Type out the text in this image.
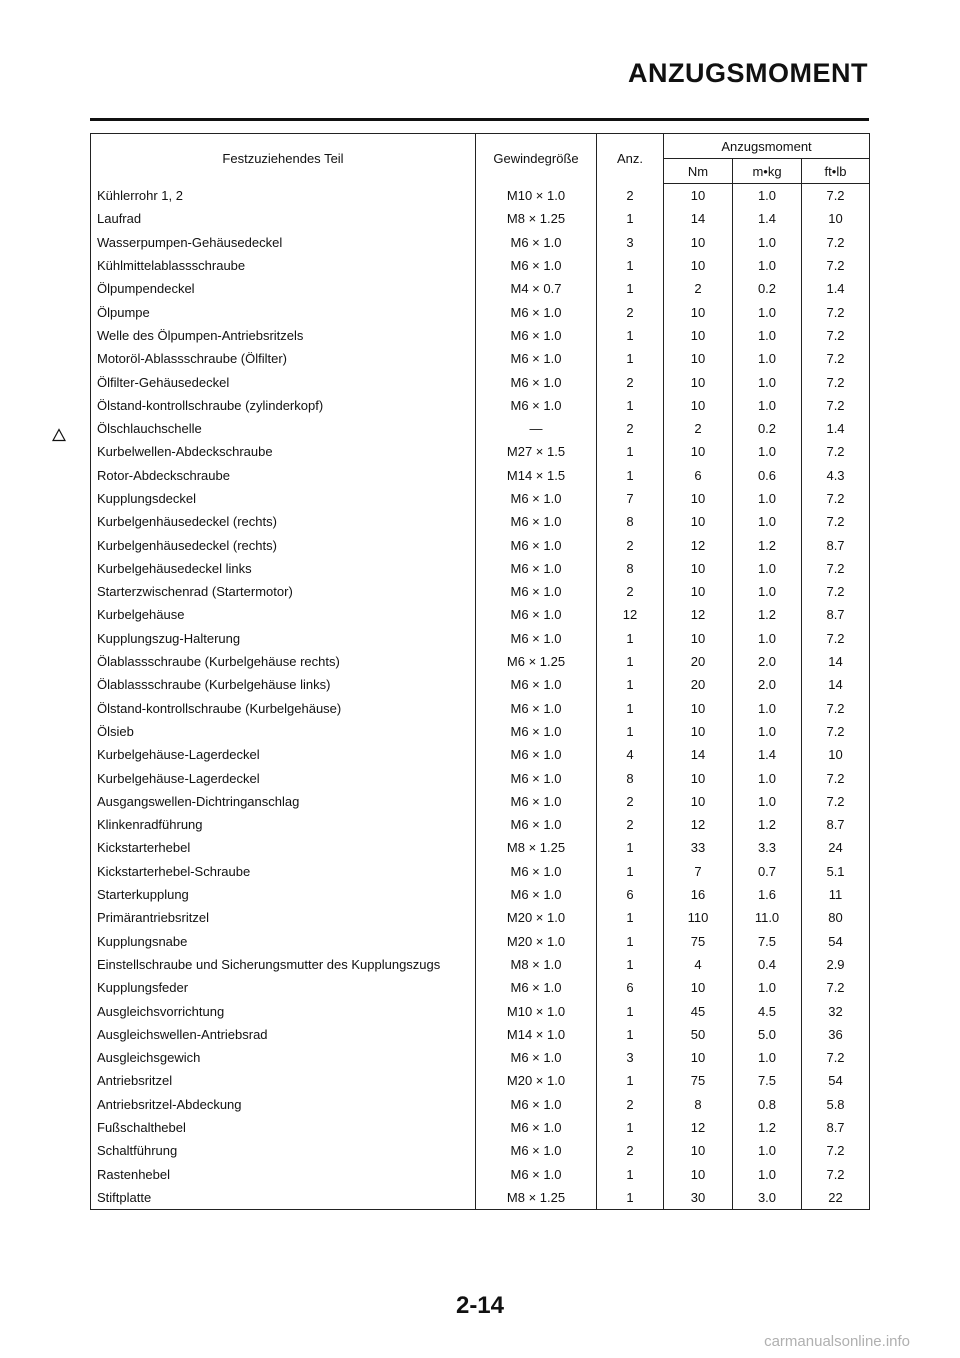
ANZUGSMOMENT
Festzuziehendes Teil	Gewindegröße	Anz.	Anzugsmoment		
			Nm	m•kg	ft•lb
Kühlerrohr 1, 2	M10 × 1.0	2	10	1.0	7.2
Laufrad	M8 × 1.25	1	14	1.4	10
Wasserpumpen-Gehäusedeckel	M6 × 1.0	3	10	1.0	7.2
Kühlmittelablassschraube	M6 × 1.0	1	10	1.0	7.2
Ölpumpendeckel	M4 × 0.7	1	2	0.2	1.4
Ölpumpe	M6 × 1.0	2	10	1.0	7.2
Welle des Ölpumpen-Antriebsritzels	M6 × 1.0	1	10	1.0	7.2
Motoröl-Ablassschraube (Ölfilter)	M6 × 1.0	1	10	1.0	7.2
Ölfilter-Gehäusedeckel	M6 × 1.0	2	10	1.0	7.2
Ölstand-kontrollschraube (zylinderkopf)	M6 × 1.0	1	10	1.0	7.2
Ölschlauchschelle	—	2	2	0.2	1.4
Kurbelwellen-Abdeckschraube	M27 × 1.5	1	10	1.0	7.2
Rotor-Abdeckschraube	M14 × 1.5	1	6	0.6	4.3
Kupplungsdeckel	M6 × 1.0	7	10	1.0	7.2
Kurbelgenhäusedeckel (rechts)	M6 × 1.0	8	10	1.0	7.2
Kurbelgenhäusedeckel (rechts)	M6 × 1.0	2	12	1.2	8.7
Kurbelgehäusedeckel links	M6 × 1.0	8	10	1.0	7.2
Starterzwischenrad (Startermotor)	M6 × 1.0	2	10	1.0	7.2
Kurbelgehäuse	M6 × 1.0	12	12	1.2	8.7
Kupplungszug-Halterung	M6 × 1.0	1	10	1.0	7.2
Ölablassschraube (Kurbelgehäuse rechts)	M6 × 1.25	1	20	2.0	14
Ölablassschraube (Kurbelgehäuse links)	M6 × 1.0	1	20	2.0	14
Ölstand-kontrollschraube (Kurbelgehäuse)	M6 × 1.0	1	10	1.0	7.2
Ölsieb	M6 × 1.0	1	10	1.0	7.2
Kurbelgehäuse-Lagerdeckel	M6 × 1.0	4	14	1.4	10
Kurbelgehäuse-Lagerdeckel	M6 × 1.0	8	10	1.0	7.2
Ausgangswellen-Dichtringanschlag	M6 × 1.0	2	10	1.0	7.2
Klinkenradführung	M6 × 1.0	2	12	1.2	8.7
Kickstarterhebel	M8 × 1.25	1	33	3.3	24
Kickstarterhebel-Schraube	M6 × 1.0	1	7	0.7	5.1
Starterkupplung	M6 × 1.0	6	16	1.6	11
Primärantriebsritzel	M20 × 1.0	1	110	11.0	80
Kupplungsnabe	M20 × 1.0	1	75	7.5	54
Einstellschraube und Sicherungsmutter des Kupplungszugs	M8 × 1.0	1	4	0.4	2.9
Kupplungsfeder	M6 × 1.0	6	10	1.0	7.2
Ausgleichsvorrichtung	M10 × 1.0	1	45	4.5	32
Ausgleichswellen-Antriebsrad	M14 × 1.0	1	50	5.0	36
Ausgleichsgewich	M6 × 1.0	3	10	1.0	7.2
Antriebsritzel	M20 × 1.0	1	75	7.5	54
Antriebsritzel-Abdeckung	M6 × 1.0	2	8	0.8	5.8
Fußschalthebel	M6 × 1.0	1	12	1.2	8.7
Schaltführung	M6 × 1.0	2	10	1.0	7.2
Rastenhebel	M6 × 1.0	1	10	1.0	7.2
Stiftplatte	M8 × 1.25	1	30	3.0	22
2-14
carmanualsonline.info
